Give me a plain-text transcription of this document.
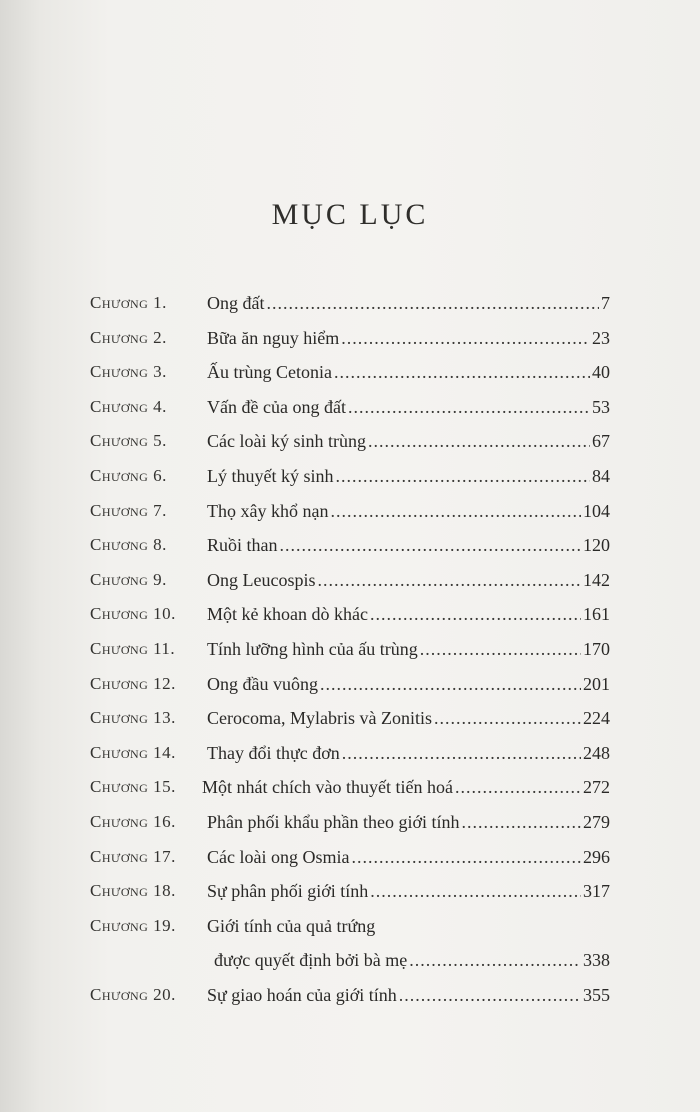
MỤC LỤC
Chương 1. Ong đất .....	7
Chương 2. Bữa ăn nguy hiểm .....	23
Chương 3. Ấu trùng Cetonia .....	40
Chương 4. Vấn đề của ong đất .....	53
Chương 5. Các loài ký sinh trùng .....	67
Chương 6. Lý thuyết ký sinh .....	84
Chương 7. Thọ xây khổ nạn .....	104
Chương 8. Ruồi than .....	120
Chương 9. Ong Leucospis .....	142
Chương 10. Một kẻ khoan dò khác .....	161
Chương 11. Tính lưỡng hình của ấu trùng .....	170
Chương 12. Ong đầu vuông .....	201
Chương 13. Cerocoma, Mylabris và Zonitis .....	224
Chương 14. Thay đổi thực đơn .....	248
Chương 15. Một nhát chích vào thuyết tiến hoá .....	272
Chương 16. Phân phối khẩu phần theo giới tính .....	279
Chương 17. Các loài ong Osmia .....	296
Chương 18. Sự phân phối giới tính .....	317
Chương 19. Giới tính của quả trứng
được quyết định bởi bà mẹ .....	338
Chương 20. Sự giao hoán của giới tính .....	355
